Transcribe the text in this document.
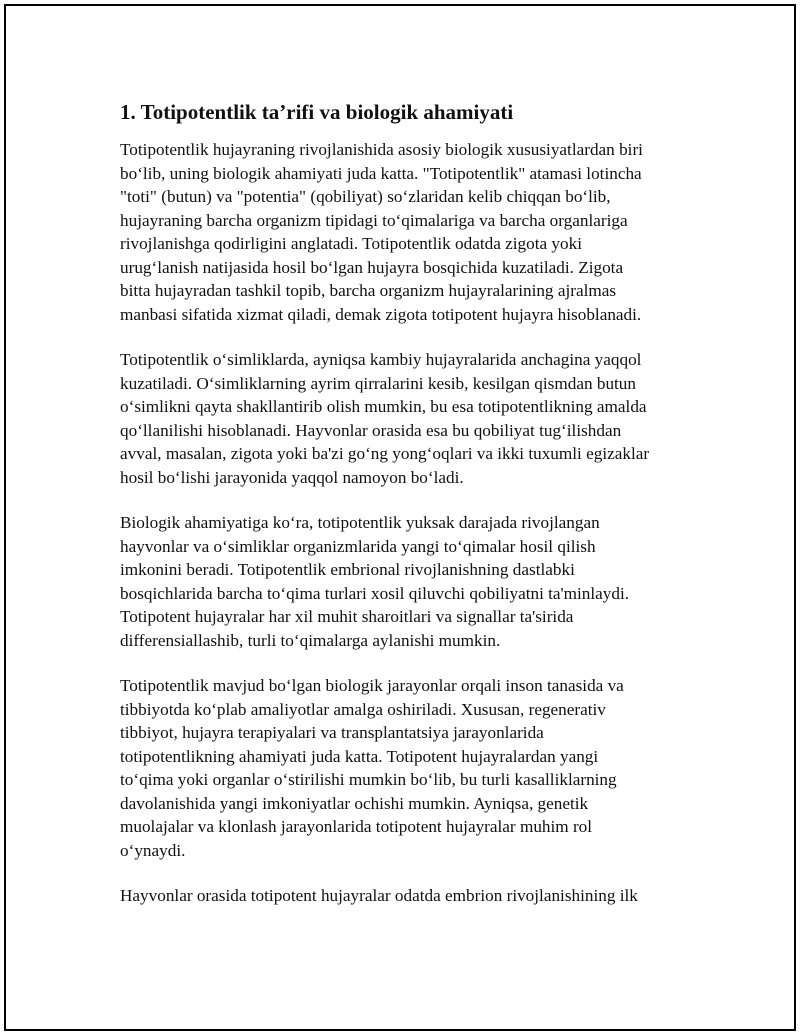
1. Totipotentlik ta’rifi va biologik ahamiyati

Totipotentlik hujayraning rivojlanishida asosiy biologik xususiyatlardan biri
bo‘lib, uning biologik ahamiyati juda katta. "Totipotentlik" atamasi lotincha
"toti" (butun) va "potentia" (qobiliyat) so‘zlaridan kelib chiqqan bo‘lib,
hujayraning barcha organizm tipidagi to‘qimalariga va barcha organlariga
rivojlanishga qodirligini anglatadi. Totipotentlik odatda zigota yoki
urug‘lanish natijasida hosil bo‘lgan hujayra bosqichida kuzatiladi. Zigota
bitta hujayradan tashkil topib, barcha organizm hujayralarining ajralmas
manbasi sifatida xizmat qiladi, demak zigota totipotent hujayra hisoblanadi.

Totipotentlik o‘simliklarda, ayniqsa kambiy hujayralarida anchagina yaqqol
kuzatiladi. O‘simliklarning ayrim qirralarini kesib, kesilgan qismdan butun
o‘simlikni qayta shakllantirib olish mumkin, bu esa totipotentlikning amalda
qo‘llanilishi hisoblanadi. Hayvonlar orasida esa bu qobiliyat tug‘ilishdan
avval, masalan, zigota yoki ba'zi go‘ng yong‘oqlari va ikki tuxumli egizaklar
hosil bo‘lishi jarayonida yaqqol namoyon bo‘ladi.

Biologik ahamiyatiga ko‘ra, totipotentlik yuksak darajada rivojlangan
hayvonlar va o‘simliklar organizmlarida yangi to‘qimalar hosil qilish
imkonini beradi. Totipotentlik embrional rivojlanishning dastlabki
bosqichlarida barcha to‘qima turlari xosil qiluvchi qobiliyatni ta'minlaydi.
Totipotent hujayralar har xil muhit sharoitlari va signallar ta'sirida
differensiallashib, turli to‘qimalarga aylanishi mumkin.

Totipotentlik mavjud bo‘lgan biologik jarayonlar orqali inson tanasida va
tibbiyotda ko‘plab amaliyotlar amalga oshiriladi. Xususan, regenerativ
tibbiyot, hujayra terapiyalari va transplantatsiya jarayonlarida
totipotentlikning ahamiyati juda katta. Totipotent hujayralardan yangi
to‘qima yoki organlar o‘stirilishi mumkin bo‘lib, bu turli kasalliklarning
davolanishida yangi imkoniyatlar ochishi mumkin. Ayniqsa, genetik
muolajalar va klonlash jarayonlarida totipotent hujayralar muhim rol
o‘ynaydi.

Hayvonlar orasida totipotent hujayralar odatda embrion rivojlanishining ilk
